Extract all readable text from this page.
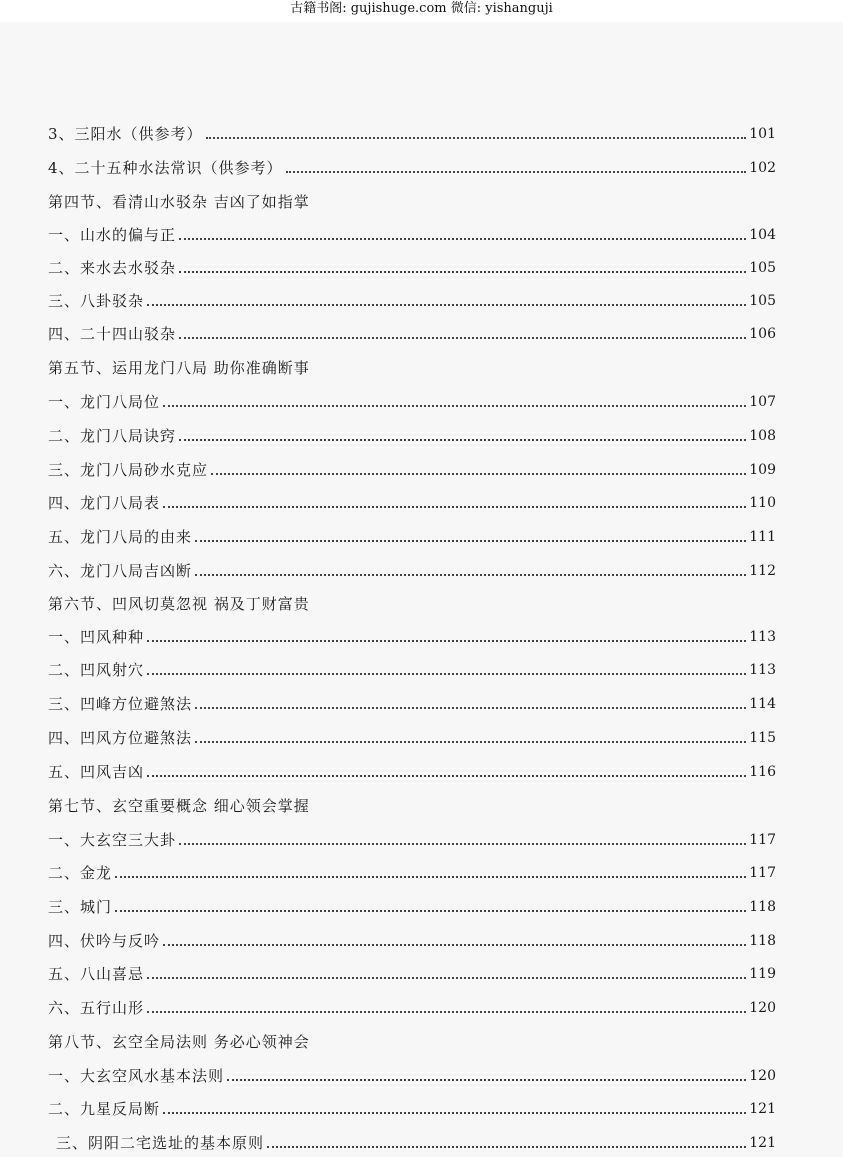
古籍书阁: gujishuge.com 微信: yishanguji
3、三阳水（供参考）	101
4、二十五种水法常识（供参考）	102
第四节、看清山水驳杂 吉凶了如指掌
一、山水的偏与正	104
二、来水去水驳杂	105
三、八卦驳杂	105
四、二十四山驳杂	106
第五节、运用龙门八局 助你准确断事
一、龙门八局位	107
二、龙门八局诀窍	108
三、龙门八局砂水克应	109
四、龙门八局表	110
五、龙门八局的由来	111
六、龙门八局吉凶断	112
第六节、凹风切莫忽视 祸及丁财富贵
一、凹风种种	113
二、凹风射穴	113
三、凹峰方位避煞法	114
四、凹风方位避煞法	115
五、凹风吉凶	116
第七节、玄空重要概念 细心领会掌握
一、大玄空三大卦	117
二、金龙	117
三、城门	118
四、伏吟与反吟	118
五、八山喜忌	119
六、五行山形	120
第八节、玄空全局法则 务必心领神会
一、大玄空风水基本法则	120
二、九星反局断	121
三、阴阳二宅选址的基本原则	121
